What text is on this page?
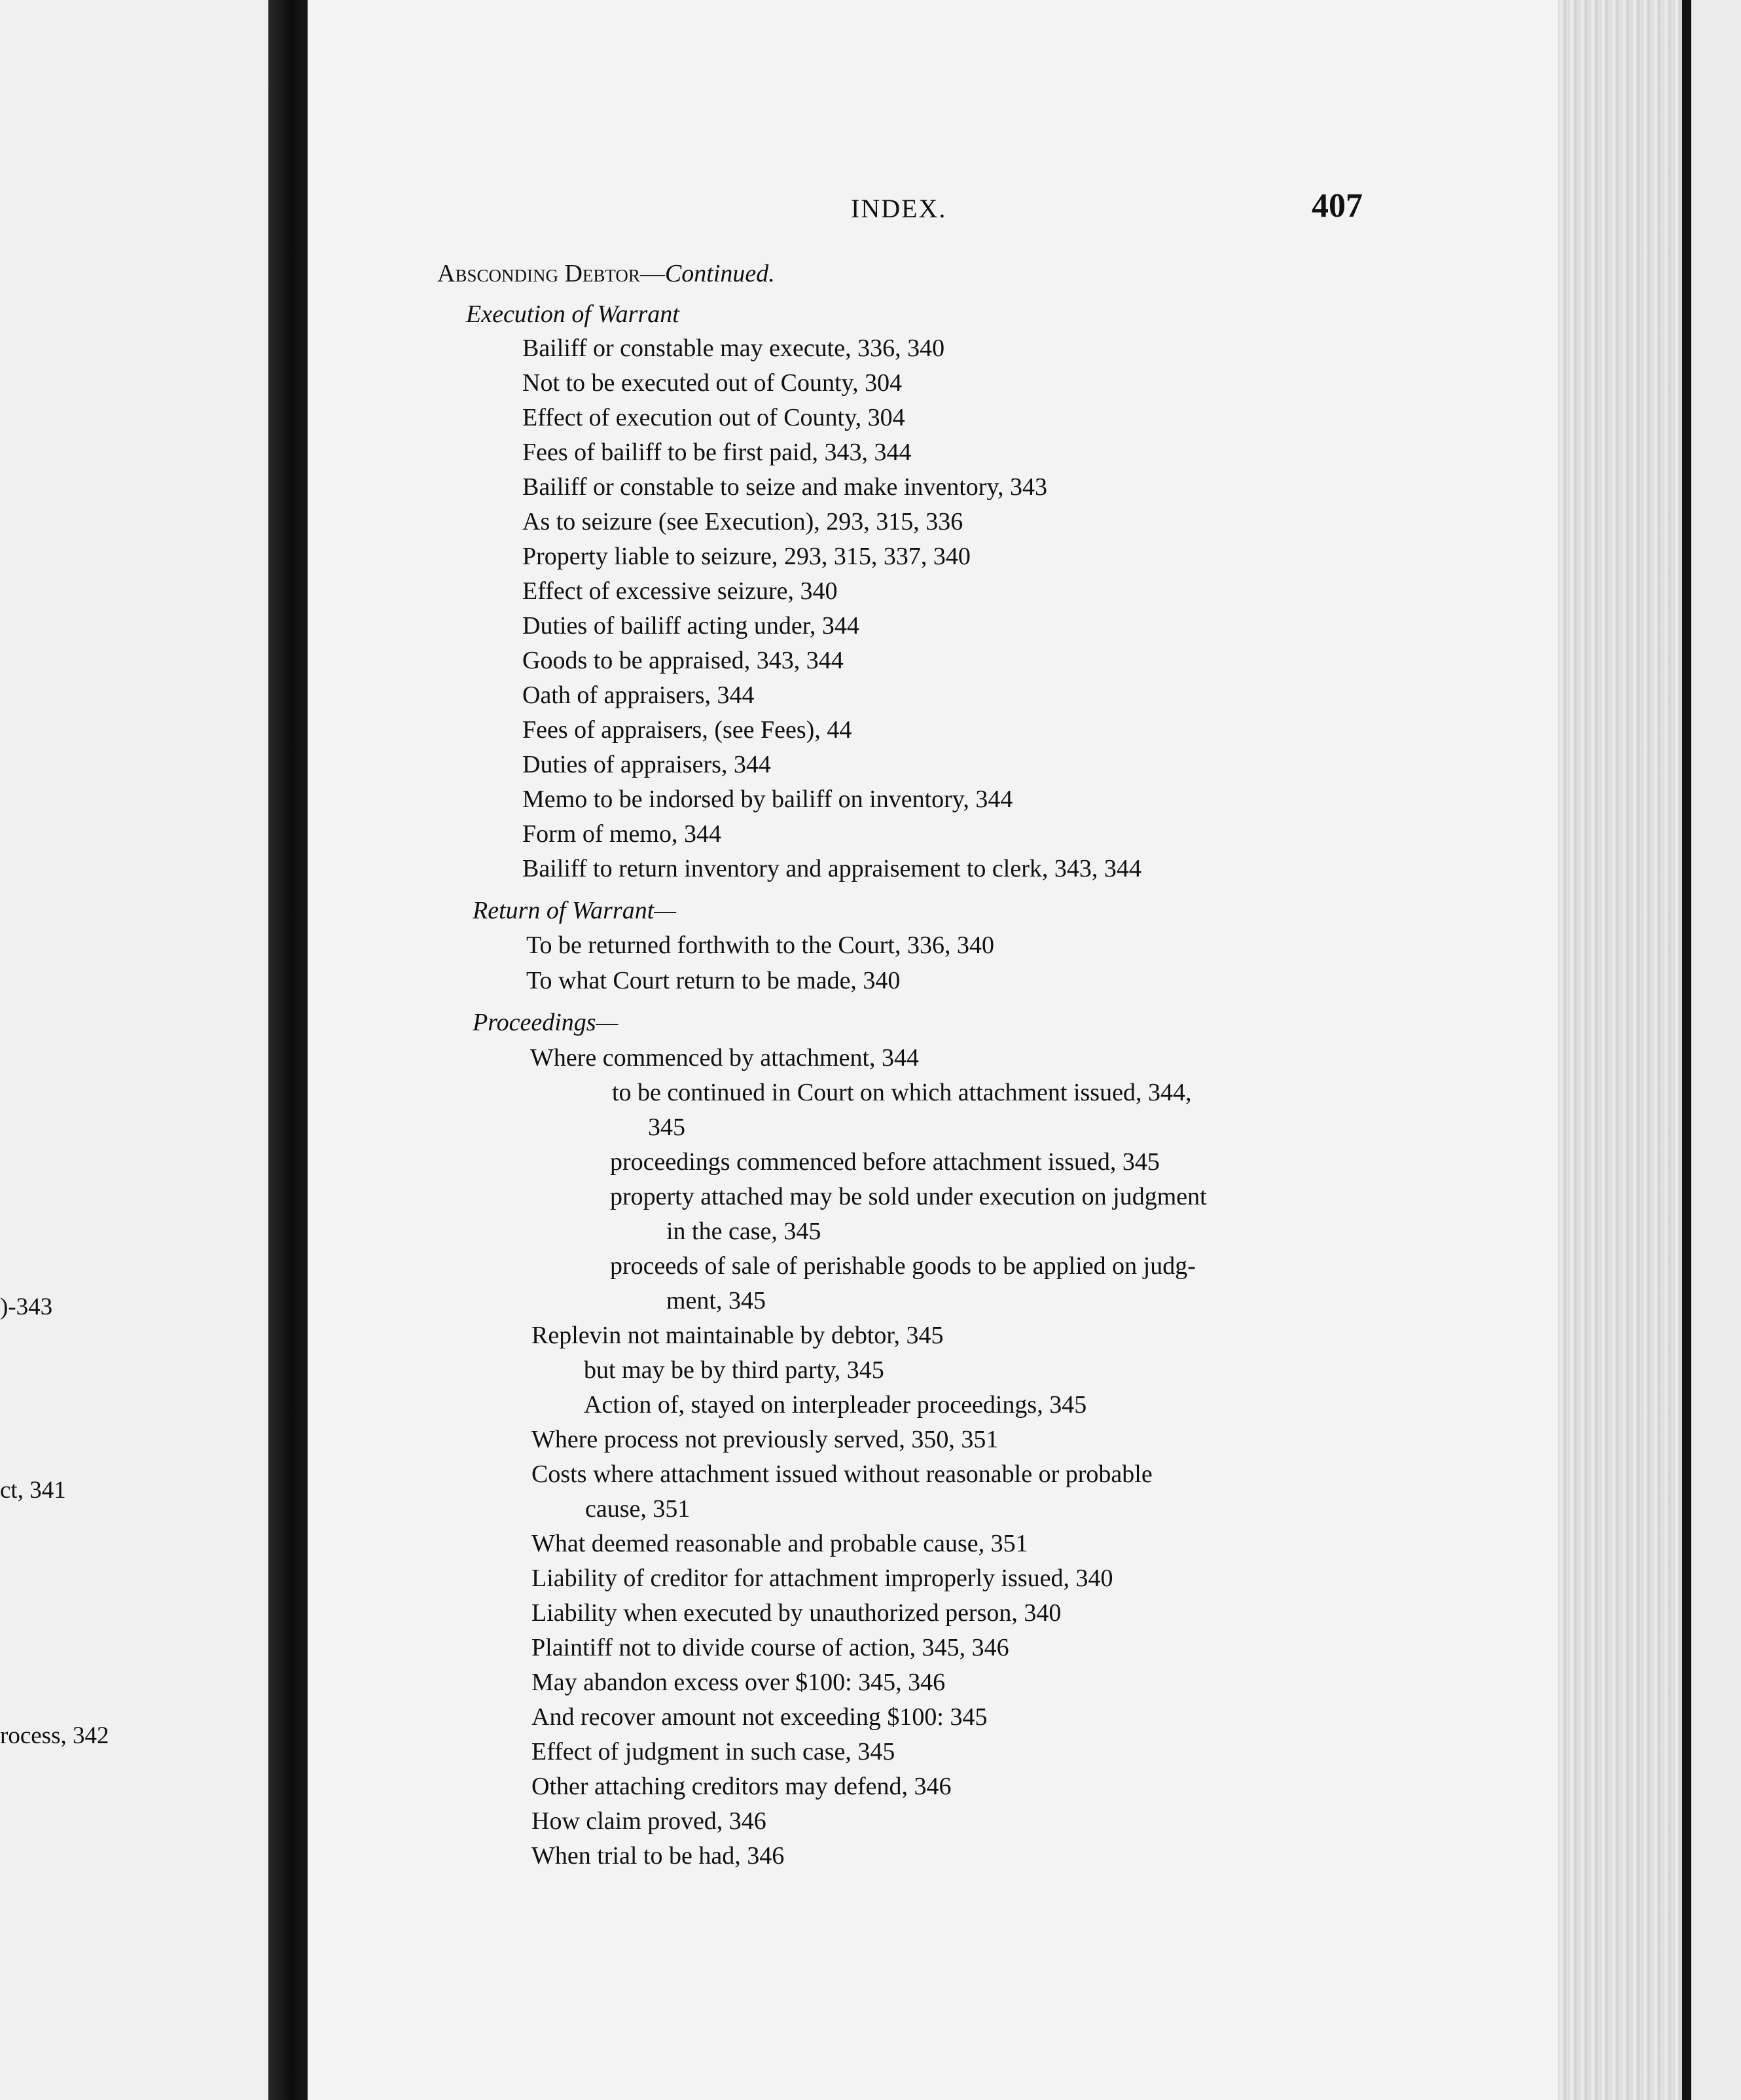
)-343
ct, 341
rocess, 342
INDEX.	407
Absconding Debtor—Continued.
Execution of Warrant
Bailiff or constable may execute, 336, 340
Not to be executed out of County, 304
Effect of execution out of County, 304
Fees of bailiff to be first paid, 343, 344
Bailiff or constable to seize and make inventory, 343
As to seizure (see Execution), 293, 315, 336
Property liable to seizure, 293, 315, 337, 340
Effect of excessive seizure, 340
Duties of bailiff acting under, 344
Goods to be appraised, 343, 344
Oath of appraisers, 344
Fees of appraisers, (see Fees), 44
Duties of appraisers, 344
Memo to be indorsed by bailiff on inventory, 344
Form of memo, 344
Bailiff to return inventory and appraisement to clerk, 343, 344
Return of Warrant—
To be returned forthwith to the Court, 336, 340
To what Court return to be made, 340
Proceedings—
Where commenced by attachment, 344
to be continued in Court on which attachment issued, 344,
345
proceedings commenced before attachment issued, 345
property attached may be sold under execution on judgment
in the case, 345
proceeds of sale of perishable goods to be applied on judg-
ment, 345
Replevin not maintainable by debtor, 345
but may be by third party, 345
Action of, stayed on interpleader proceedings, 345
Where process not previously served, 350, 351
Costs where attachment issued without reasonable or probable
cause, 351
What deemed reasonable and probable cause, 351
Liability of creditor for attachment improperly issued, 340
Liability when executed by unauthorized person, 340
Plaintiff not to divide course of action, 345, 346
May abandon excess over $100: 345, 346
And recover amount not exceeding $100: 345
Effect of judgment in such case, 345
Other attaching creditors may defend, 346
How claim proved, 346
When trial to be had, 346
